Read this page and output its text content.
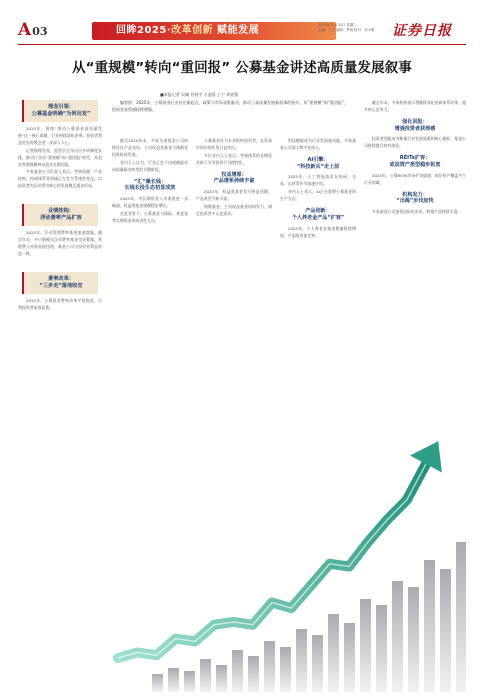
A03	回眸2025·改革创新 赋能发展	2025年12月31日 星期三
主编：王宁 编辑：季雨 校对：李小明	证券日报
从“重规模”转向“重回报” 公募基金讲述高质量发展叙事
■本报记者 吴珊 昌校宇 方凌晨 王宁 刘钥强
理念引领：
公募基金明确“为何出发”

2025年，围绕“推动公募基金高质量发展”这一核心命题，行业持续深化改革。投资者利益优先的理念进一步深入人心。

记者梳理发现，监管层全年出台多项制度安排，推动行业从“重规模”向“重回报”转型，从追求管理规模转向追求长期回报。

多家基金公司负责人表示，考核机制、产品结构、投研体系等领域正在发生系统性变化，以投资者实际获得为核心的发展模式逐步形成。

业绩挂钩：
浮动费率产品扩容

2025年，浮动管理费率基金加速落地。截至年末，多只新模式浮动费率基金完成募集，管理费与业绩表现挂钩，基金公司与投资者利益更趋一致。

费率改革：
“三步走”落地收官

2025年，公募基金费率改革平稳推进，让利投资者成效显著。

编者按：2025年，公募基金行业站在新起点，政策与市场双重驱动，推动了高质量发展新叙事的展开。从“重规模”到“重回报”，投资者获得感持续增强。

截至2025年末，多家头部基金公司持续优化产品布局，主动权益类基金与指数化投资协同发展。

业内人士认为，行业正处于由规模驱动向质量驱动转型的关键阶段。

“汇”聚长钱：
长钱长投生态初显成效

2025年，中长期资金入市渠道进一步畅通，权益类基金规模稳步增长。

在此背景下，公募基金与保险、养老金等长期资金形成良性互动。

公募基金作为专业机构投资者，在资本市场中的作用日益突出。

多位业内人士表示，考核体系的长期化有助于引导投资行为理性化。

权益增厚：
产品谱系持续丰富

2025年，权益类基金发行明显回暖，产品类型不断丰富。

指数基金、主动权益基金协同发力，满足投资者多元化需求。

科技赋能成为行业发展新动能，多家基金公司加大数字化投入。

AI引擎：
“科技新兵”走上前

2025年，人工智能技术在投研、交易、运营等环节加速应用。

业内人士表示，AI正在重塑公募基金的生产方式。

产品创新：
个人养老金产品“扩容”

2025年，个人养老金基金数量持续增加，产品线更加完善。

截至年末，多家机构表示将继续深化投研体系改革，提升核心竞争力。

强化回报：
增强投资者获得感

投资者回报成为衡量行业发展质量的核心指标，基金公司持续提升持有体验。

REITs扩容：
底层资产类型稳步拓宽

2025年，公募REITs市场扩容提速，底层资产覆盖多个行业领域。

机构发力：
“出海”步伐加快

多家基金公司加快国际化布局，跨境产品持续丰富。
